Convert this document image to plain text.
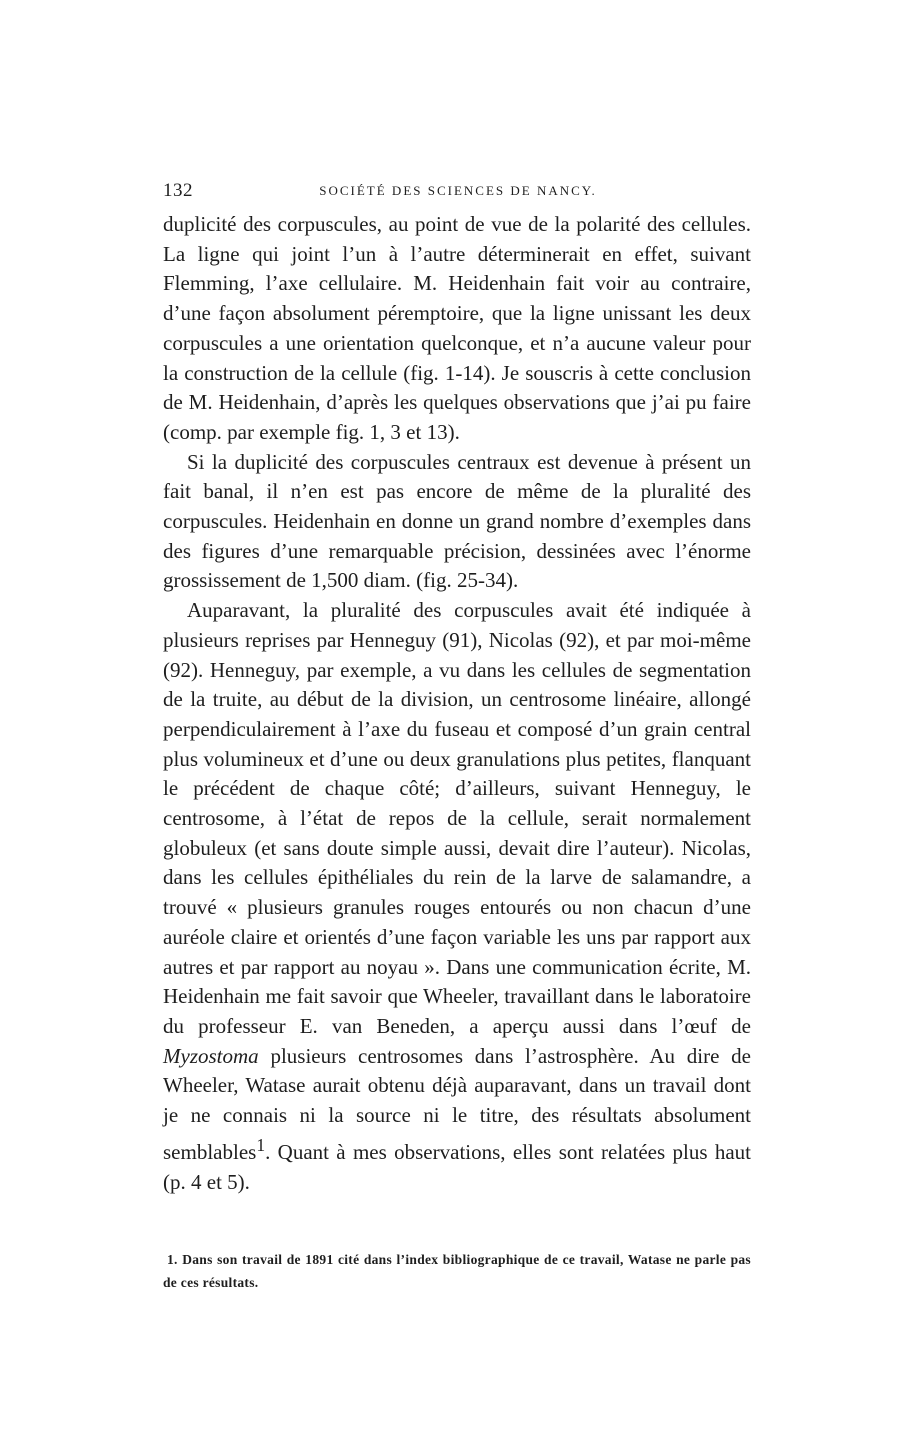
132	SOCIÉTÉ DES SCIENCES DE NANCY.

duplicité des corpuscules, au point de vue de la polarité des cellules. La ligne qui joint l’un à l’autre déterminerait en effet, suivant Flemming, l’axe cellulaire. M. Heidenhain fait voir au contraire, d’une façon absolument péremptoire, que la ligne unissant les deux corpuscules a une orientation quelconque, et n’a aucune valeur pour la construction de la cellule (fig. 1-14). Je souscris à cette conclusion de M. Heidenhain, d’après les quelques observations que j’ai pu faire (comp. par exemple fig. 1, 3 et 13).

Si la duplicité des corpuscules centraux est devenue à présent un fait banal, il n’en est pas encore de même de la pluralité des corpuscules. Heidenhain en donne un grand nombre d’exemples dans des figures d’une remarquable précision, dessinées avec l’énorme grossissement de 1,500 diam. (fig. 25-34).

Auparavant, la pluralité des corpuscules avait été indiquée à plusieurs reprises par Henneguy (91), Nicolas (92), et par moi-même (92). Henneguy, par exemple, a vu dans les cellules de segmentation de la truite, au début de la division, un centrosome linéaire, allongé perpendiculairement à l’axe du fuseau et composé d’un grain central plus volumineux et d’une ou deux granulations plus petites, flanquant le précédent de chaque côté; d’ailleurs, suivant Henneguy, le centrosome, à l’état de repos de la cellule, serait normalement globuleux (et sans doute simple aussi, devait dire l’auteur). Nicolas, dans les cellules épithéliales du rein de la larve de salamandre, a trouvé « plusieurs granules rouges entourés ou non chacun d’une auréole claire et orientés d’une façon variable les uns par rapport aux autres et par rapport au noyau ». Dans une communication écrite, M. Heidenhain me fait savoir que Wheeler, travaillant dans le laboratoire du professeur E. van Beneden, a aperçu aussi dans l’œuf de Myzostoma plusieurs centrosomes dans l’astrosphère. Au dire de Wheeler, Watase aurait obtenu déjà auparavant, dans un travail dont je ne connais ni la source ni le titre, des résultats absolument semblables$^1$. Quant à mes observations, elles sont relatées plus haut (p. 4 et 5).

1. Dans son travail de 1891 cité dans l’index bibliographique de ce travail, Watase ne parle pas de ces résultats.
